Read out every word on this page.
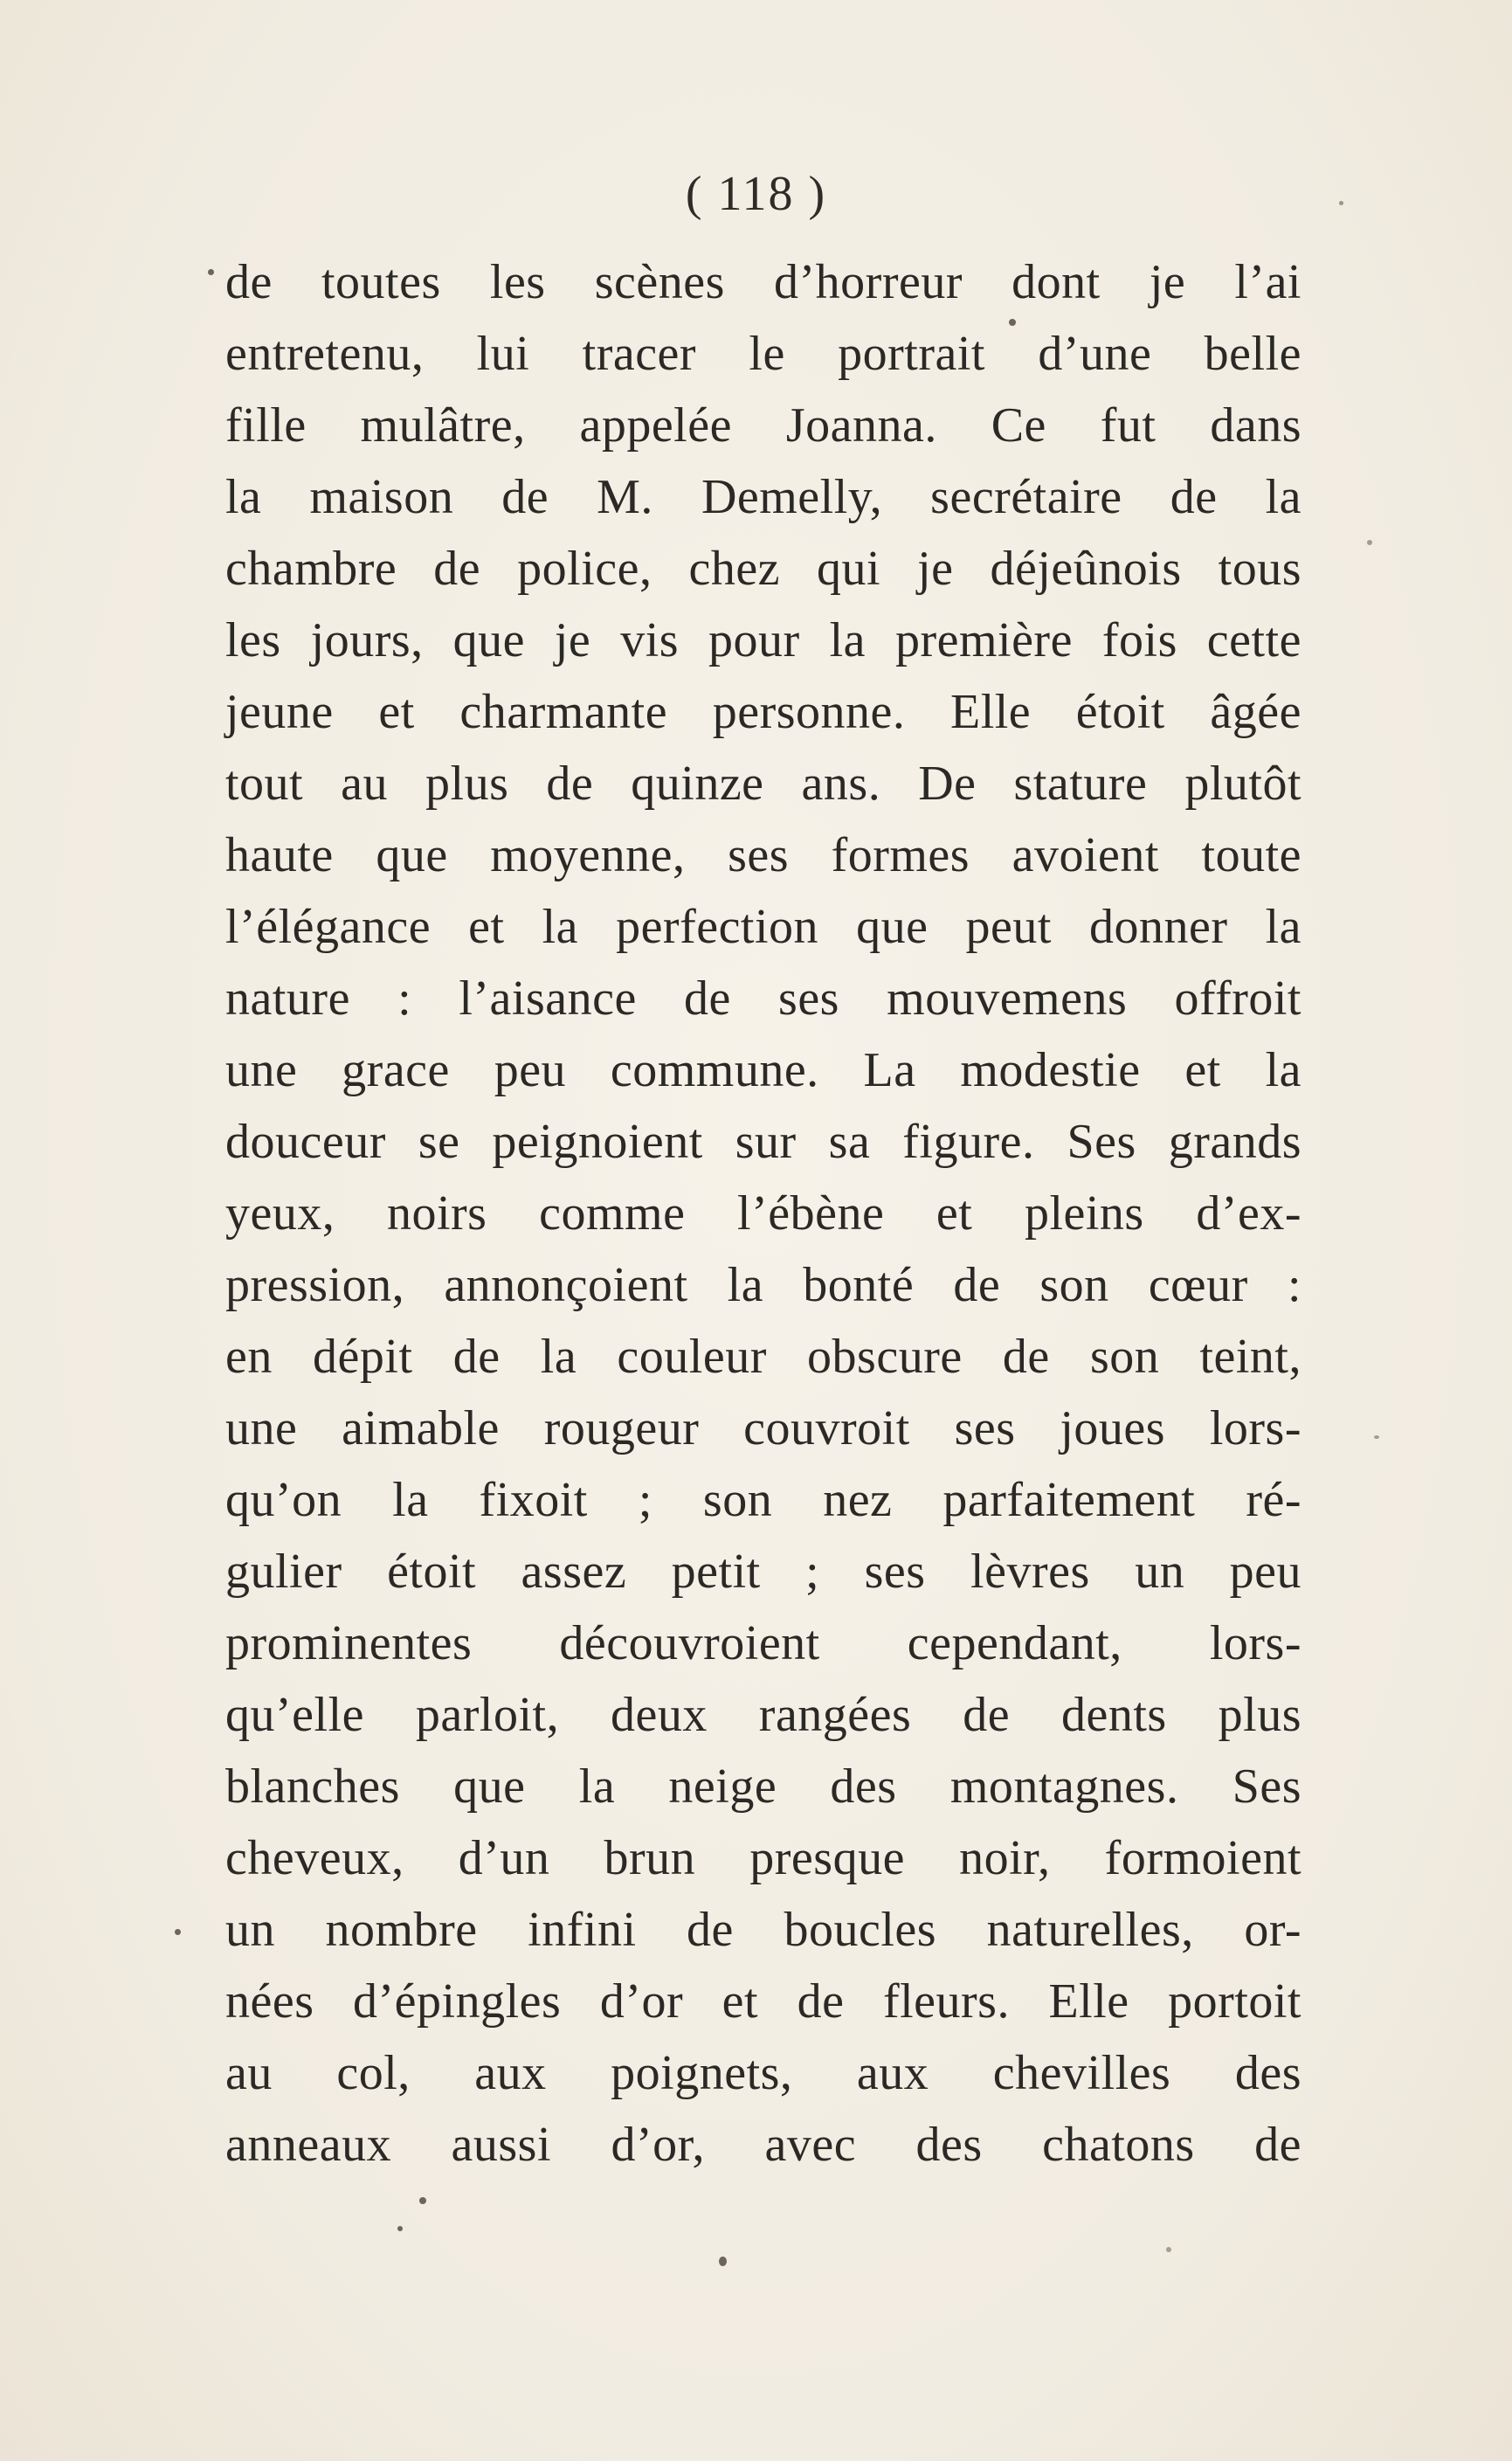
( 118 )
de toutes les scènes d’horreur dont je l’ai
entretenu, lui tracer le portrait d’une belle
fille mulâtre, appelée Joanna. Ce fut dans
la maison de M. Demelly, secrétaire de la
chambre de police, chez qui je déjeûnois tous
les jours, que je vis pour la première fois cette
jeune et charmante personne. Elle étoit âgée
tout au plus de quinze ans. De stature plutôt
haute que moyenne, ses formes avoient toute
l’élégance et la perfection que peut donner la
nature : l’aisance de ses mouvemens offroit
une grace peu commune. La modestie et la
douceur se peignoient sur sa figure. Ses grands
yeux, noirs comme l’ébène et pleins d’ex-
pression, annonçoient la bonté de son cœur :
en dépit de la couleur obscure de son teint,
une aimable rougeur couvroit ses joues lors-
qu’on la fixoit ; son nez parfaitement ré-
gulier étoit assez petit ; ses lèvres un peu
prominentes découvroient cependant, lors-
qu’elle parloit, deux rangées de dents plus
blanches que la neige des montagnes. Ses
cheveux, d’un brun presque noir, formoient
un nombre infini de boucles naturelles, or-
nées d’épingles d’or et de fleurs. Elle portoit
au col, aux poignets, aux chevilles des
anneaux aussi d’or, avec des chatons de
